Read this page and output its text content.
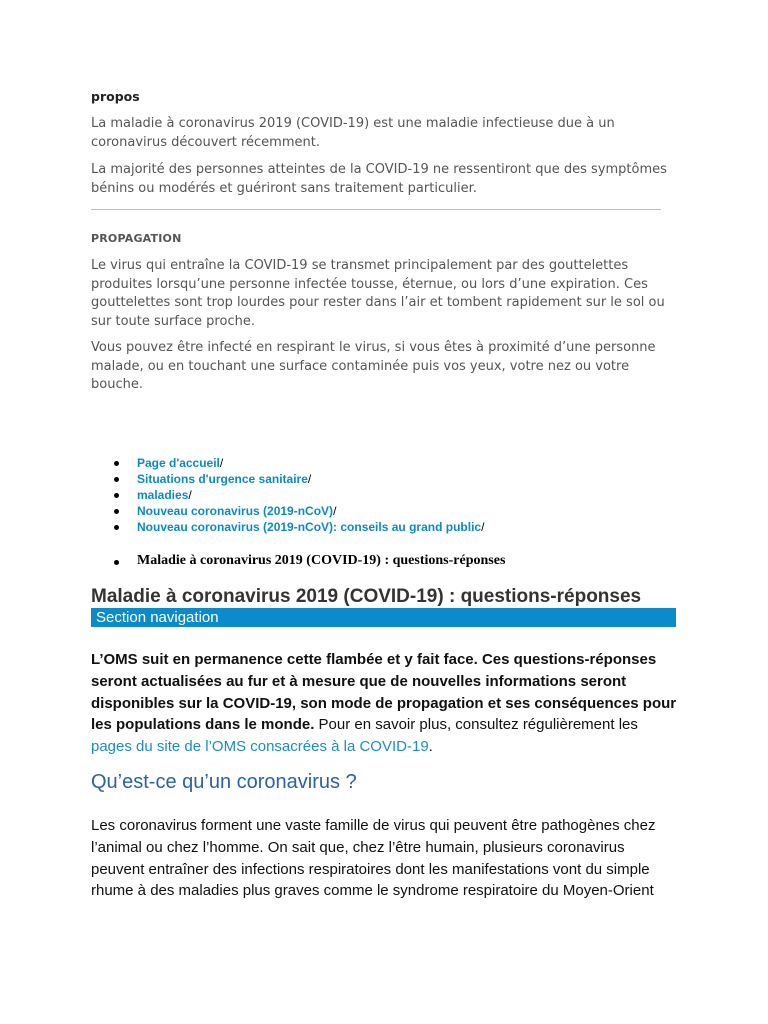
propos

La maladie à coronavirus 2019 (COVID-19) est une maladie infectieuse due à un coronavirus découvert récemment.

La majorité des personnes atteintes de la COVID-19 ne ressentiront que des symptômes bénins ou modérés et guériront sans traitement particulier.

PROPAGATION

Le virus qui entraîne la COVID-19 se transmet principalement par des gouttelettes produites lorsqu’une personne infectée tousse, éternue, ou lors d’une expiration. Ces gouttelettes sont trop lourdes pour rester dans l’air et tombent rapidement sur le sol ou sur toute surface proche.

Vous pouvez être infecté en respirant le virus, si vous êtes à proximité d’une personne malade, ou en touchant une surface contaminée puis vos yeux, votre nez ou votre bouche.

Page d'accueil/
Situations d'urgence sanitaire/
maladies/
Nouveau coronavirus (2019-nCoV)/
Nouveau coronavirus (2019-nCoV): conseils au grand public/
Maladie à coronavirus 2019 (COVID-19) : questions-réponses
Maladie à coronavirus 2019 (COVID-19) : questions-réponses
Section navigation

L’OMS suit en permanence cette flambée et y fait face. Ces questions-réponses seront actualisées au fur et à mesure que de nouvelles informations seront disponibles sur la COVID-19, son mode de propagation et ses conséquences pour les populations dans le monde. Pour en savoir plus, consultez régulièrement les pages du site de l’OMS consacrées à la COVID-19.

Qu’est-ce qu’un coronavirus ?

Les coronavirus forment une vaste famille de virus qui peuvent être pathogènes chez l’animal ou chez l’homme. On sait que, chez l’être humain, plusieurs coronavirus peuvent entraîner des infections respiratoires dont les manifestations vont du simple rhume à des maladies plus graves comme le syndrome respiratoire du Moyen-Orient
